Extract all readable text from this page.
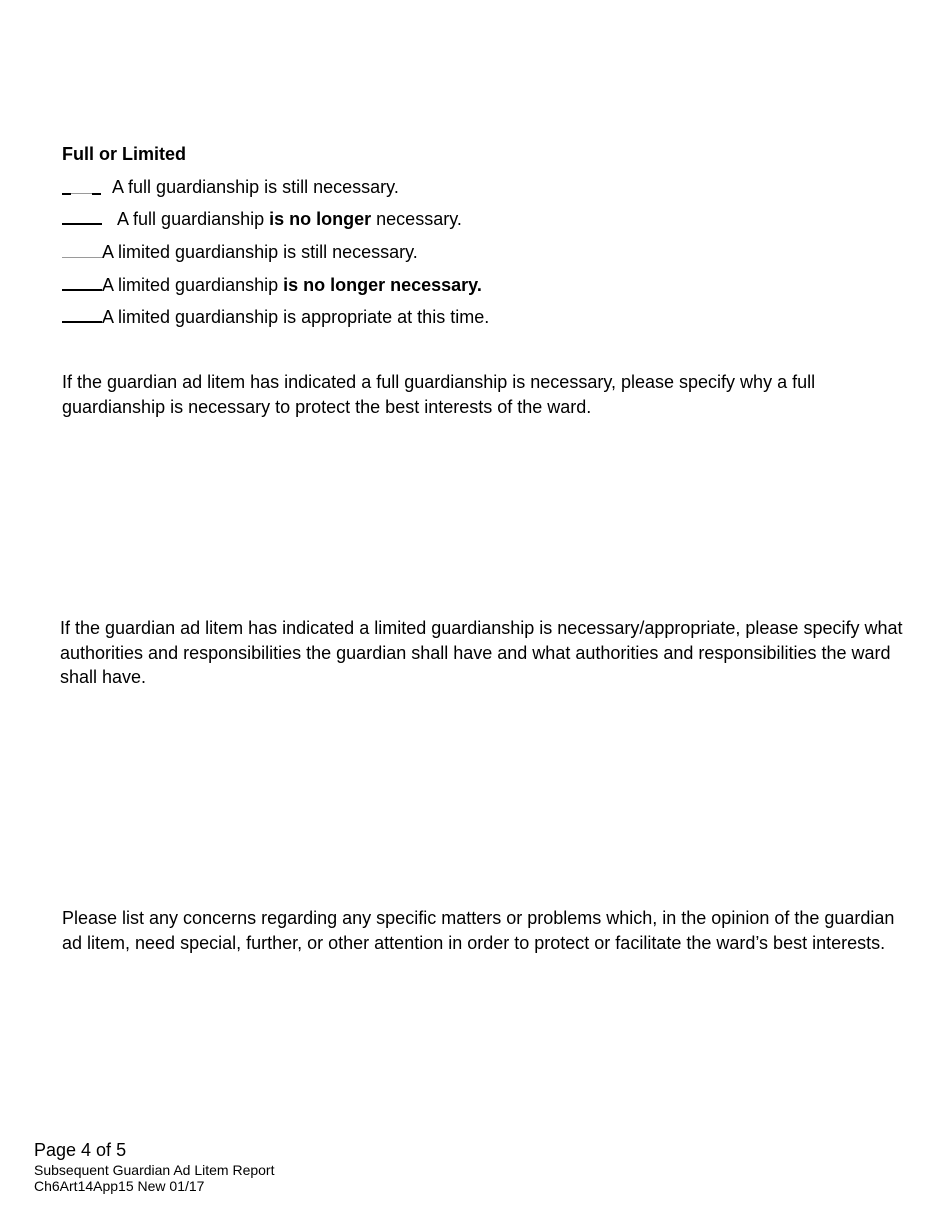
Full or Limited
A full guardianship is still necessary.
A full guardianship is no longer necessary.
A limited guardianship is still necessary.
A limited guardianship is no longer necessary.
A limited guardianship is appropriate at this time.

If the guardian ad litem has indicated a full guardianship is necessary, please specify why a full guardianship is necessary to protect the best interests of the ward.

If the guardian ad litem has indicated a limited guardianship is necessary/appropriate, please specify what authorities and responsibilities the guardian shall have and what authorities and responsibilities the ward shall have.

Please list any concerns regarding any specific matters or problems which, in the opinion of the guardian ad litem, need special, further, or other attention in order to protect or facilitate the ward’s best interests.

Page 4 of 5
Subsequent Guardian Ad Litem Report
Ch6Art14App15 New 01/17
